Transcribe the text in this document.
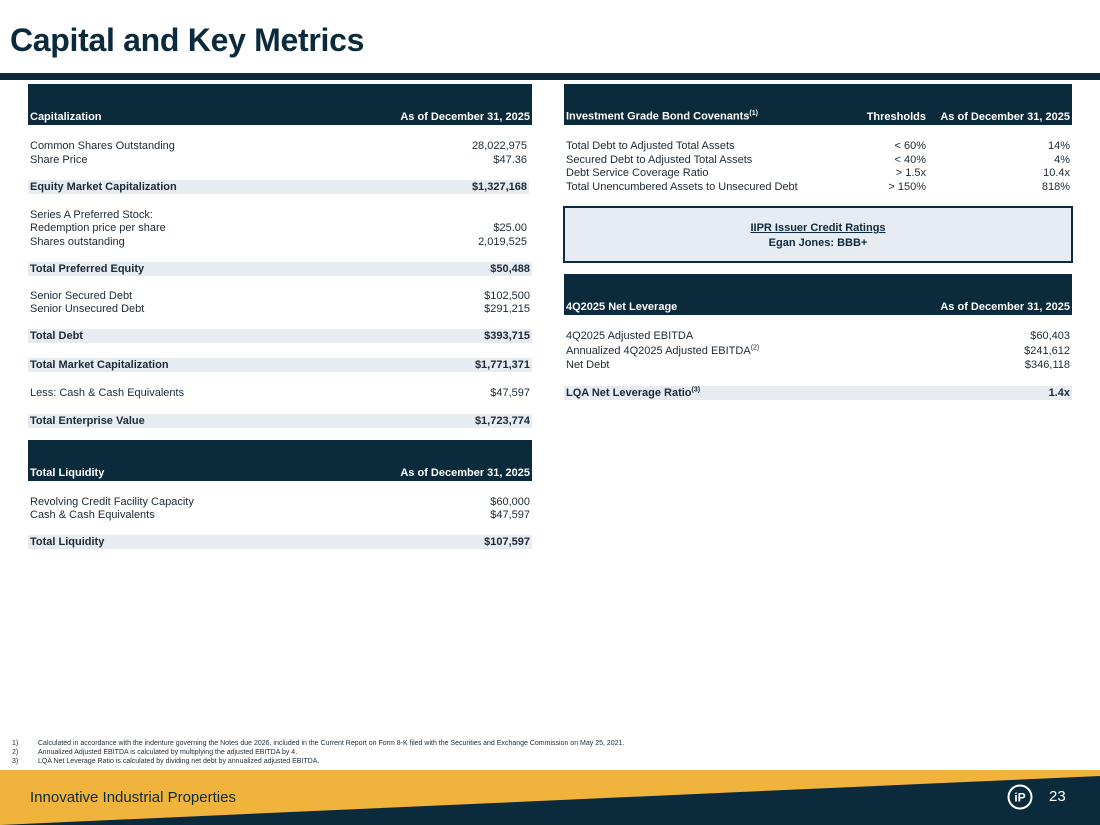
Capital and Key Metrics
Capitalization	As of December 31, 2025
Common Shares Outstanding	28,022,975
Share Price	$47.36
Equity Market Capitalization	$1,327,168
Series A Preferred Stock:
Redemption price per share	$25.00
Shares outstanding	2,019,525
Total Preferred Equity	$50,488
Senior Secured Debt	$102,500
Senior Unsecured Debt	$291,215
Total Debt	$393,715
Total Market Capitalization	$1,771,371
Less: Cash & Cash Equivalents	$47,597
Total Enterprise Value	$1,723,774
Total Liquidity	As of December 31, 2025
Revolving Credit Facility Capacity	$60,000
Cash & Cash Equivalents	$47,597
Total Liquidity	$107,597
Investment Grade Bond Covenants$^{(1)}$	Thresholds As of December 31, 2025
Total Debt to Adjusted Total Assets	< 60%	14%
Secured Debt to Adjusted Total Assets	< 40%	4%
Debt Service Coverage Ratio	> 1.5x	10.4x
Total Unencumbered Assets to Unsecured Debt	> 150%	818%
IIPR Issuer Credit Ratings
Egan Jones: BBB+
4Q2025 Net Leverage	As of December 31, 2025
4Q2025 Adjusted EBITDA	$60,403
Annualized 4Q2025 Adjusted EBITDA$^{(2)}$	$241,612
Net Debt	$346,118
LQA Net Leverage Ratio$^{(3)}$	1.4x
1)	Calculated in accordance with the indenture governing the Notes due 2026, included in the Current Report on Form 8-K filed with the Securities and Exchange Commission on May 25, 2021.
2)	Annualized Adjusted EBITDA is calculated by multiplying the adjusted EBITDA by 4.
3)	LQA Net Leverage Ratio is calculated by dividing net debt by annualized adjusted EBITDA.
Innovative Industrial Properties	iP 23
